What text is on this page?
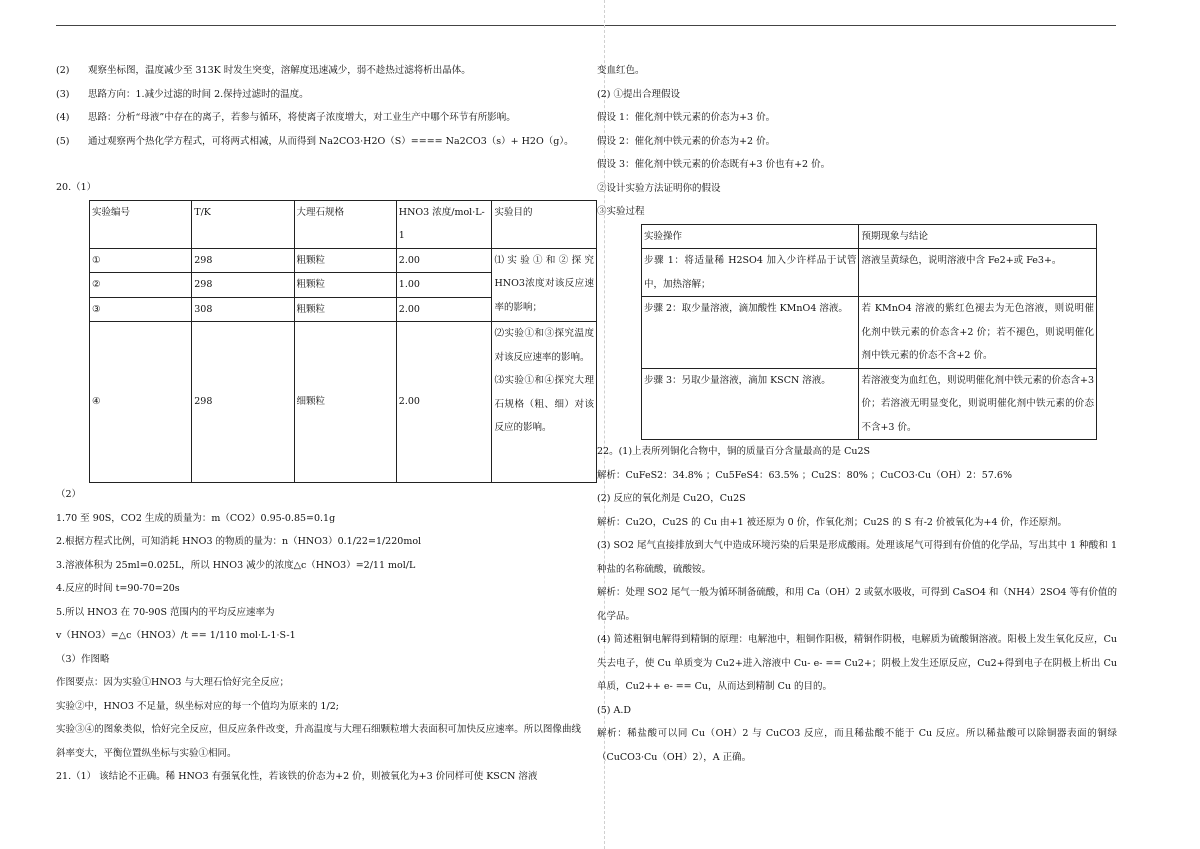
(2) 观察坐标图，温度减少至 313K 时发生突变，溶解度迅速减少，弱不趁热过滤将析出晶体。
(3) 思路方向：1.减少过滤的时间 2.保持过滤时的温度。
(4) 思路：分析“母液”中存在的离子，若参与循环，将使离子浓度增大，对工业生产中哪个环节有所影响。
(5) 通过观察两个热化学方程式，可将两式相减，从而得到 Na2CO3·H2O（S）==== Na2CO3（s）+ H2O（g）。
20.（1）
实验编号	T/K	大理石规格	HNO3 浓度/mol·L-1	实验目的
①	298	粗颗粒	2.00	⑴实验①和②探究HNO3浓度对该反应速率的影响；
②	298	粗颗粒	1.00	
③	308	粗颗粒	2.00	
④	298	细颗粒	2.00	⑵实验①和③探究温度对该反应速率的影响。
⑶实验①和④探究大理石规格（粗、细）对该反应的影响。
（2）
1.70 至 90S，CO2 生成的质量为：m（CO2）0.95-0.85=0.1g
2.根据方程式比例，可知消耗 HNO3 的物质的量为：n（HNO3）0.1/22=1/220mol
3.溶液体积为 25ml=0.025L，所以 HNO3 减少的浓度△c（HNO3）=2/11 mol/L
4.反应的时间 t=90-70=20s
5.所以 HNO3 在 70-90S 范围内的平均反应速率为
v（HNO3）=△c（HNO3）/t == 1/110 mol·L-1·S-1
（3）作图略
作图要点：因为实验①HNO3 与大理石恰好完全反应；
实验②中，HNO3 不足量，纵坐标对应的每一个值均为原来的 1/2;
实验③④的图象类似，恰好完全反应，但反应条件改变，升高温度与大理石细颗粒增大表面积可加快反应速率。所以图像曲线斜率变大，平衡位置纵坐标与实验①相同。
21.（1） 该结论不正确。稀 HNO3 有强氧化性，若该铁的价态为+2 价，则被氧化为+3 价同样可使 KSCN 溶液
变血红色。
(2) ①提出合理假设
假设 1：催化剂中铁元素的价态为+3 价。
假设 2：催化剂中铁元素的价态为+2 价。
假设 3：催化剂中铁元素的价态既有+3 价也有+2 价。
②设计实验方法证明你的假设
③实验过程
实验操作	预期现象与结论
步骤 1：将适量稀 H2SO4 加入少许样品于试管中，加热溶解；	溶液呈黄绿色，说明溶液中含 Fe2+或 Fe3+。
步骤 2：取少量溶液，滴加酸性 KMnO4 溶液。	若 KMnO4 溶液的紫红色褪去为无色溶液，则说明催化剂中铁元素的价态含+2 价；若不褪色，则说明催化剂中铁元素的价态不含+2 价。
步骤 3：另取少量溶液，滴加 KSCN 溶液。	若溶液变为血红色，则说明催化剂中铁元素的价态含+3 价；若溶液无明显变化，则说明催化剂中铁元素的价态不含+3 价。
22。(1)上表所列铜化合物中，铜的质量百分含量最高的是 Cu2S
解析：CuFeS2：34.8% ；Cu5FeS4：63.5% ；Cu2S：80% ；CuCO3·Cu（OH）2：57.6%
(2) 反应的氧化剂是 Cu2O，Cu2S
解析：Cu2O，Cu2S 的 Cu 由+1 被还原为 0 价，作氧化剂；Cu2S 的 S 有-2 价被氧化为+4 价，作还原剂。
(3) SO2 尾气直接排放到大气中造成环境污染的后果是形成酸雨。处理该尾气可得到有价值的化学品，写出其中 1 种酸和 1 种盐的名称硫酸，硫酸铵。
解析：处理 SO2 尾气一般为循环制备硫酸，和用 Ca（OH）2 或氨水吸收，可得到 CaSO4 和（NH4）2SO4 等有价值的化学品。
(4) 简述粗铜电解得到精铜的原理：电解池中，粗铜作阳极，精铜作阴极，电解质为硫酸铜溶液。阳极上发生氧化反应，Cu 失去电子，使 Cu 单质变为 Cu2+进入溶液中 Cu- e- == Cu2+；阴极上发生还原反应，Cu2+得到电子在阴极上析出 Cu 单质，Cu2++ e- == Cu，从而达到精制 Cu 的目的。
(5) A.D
解析：稀盐酸可以同 Cu（OH）2 与 CuCO3 反应，而且稀盐酸不能于 Cu 反应。所以稀盐酸可以除铜器表面的铜绿（CuCO3·Cu（OH）2），A 正确。
